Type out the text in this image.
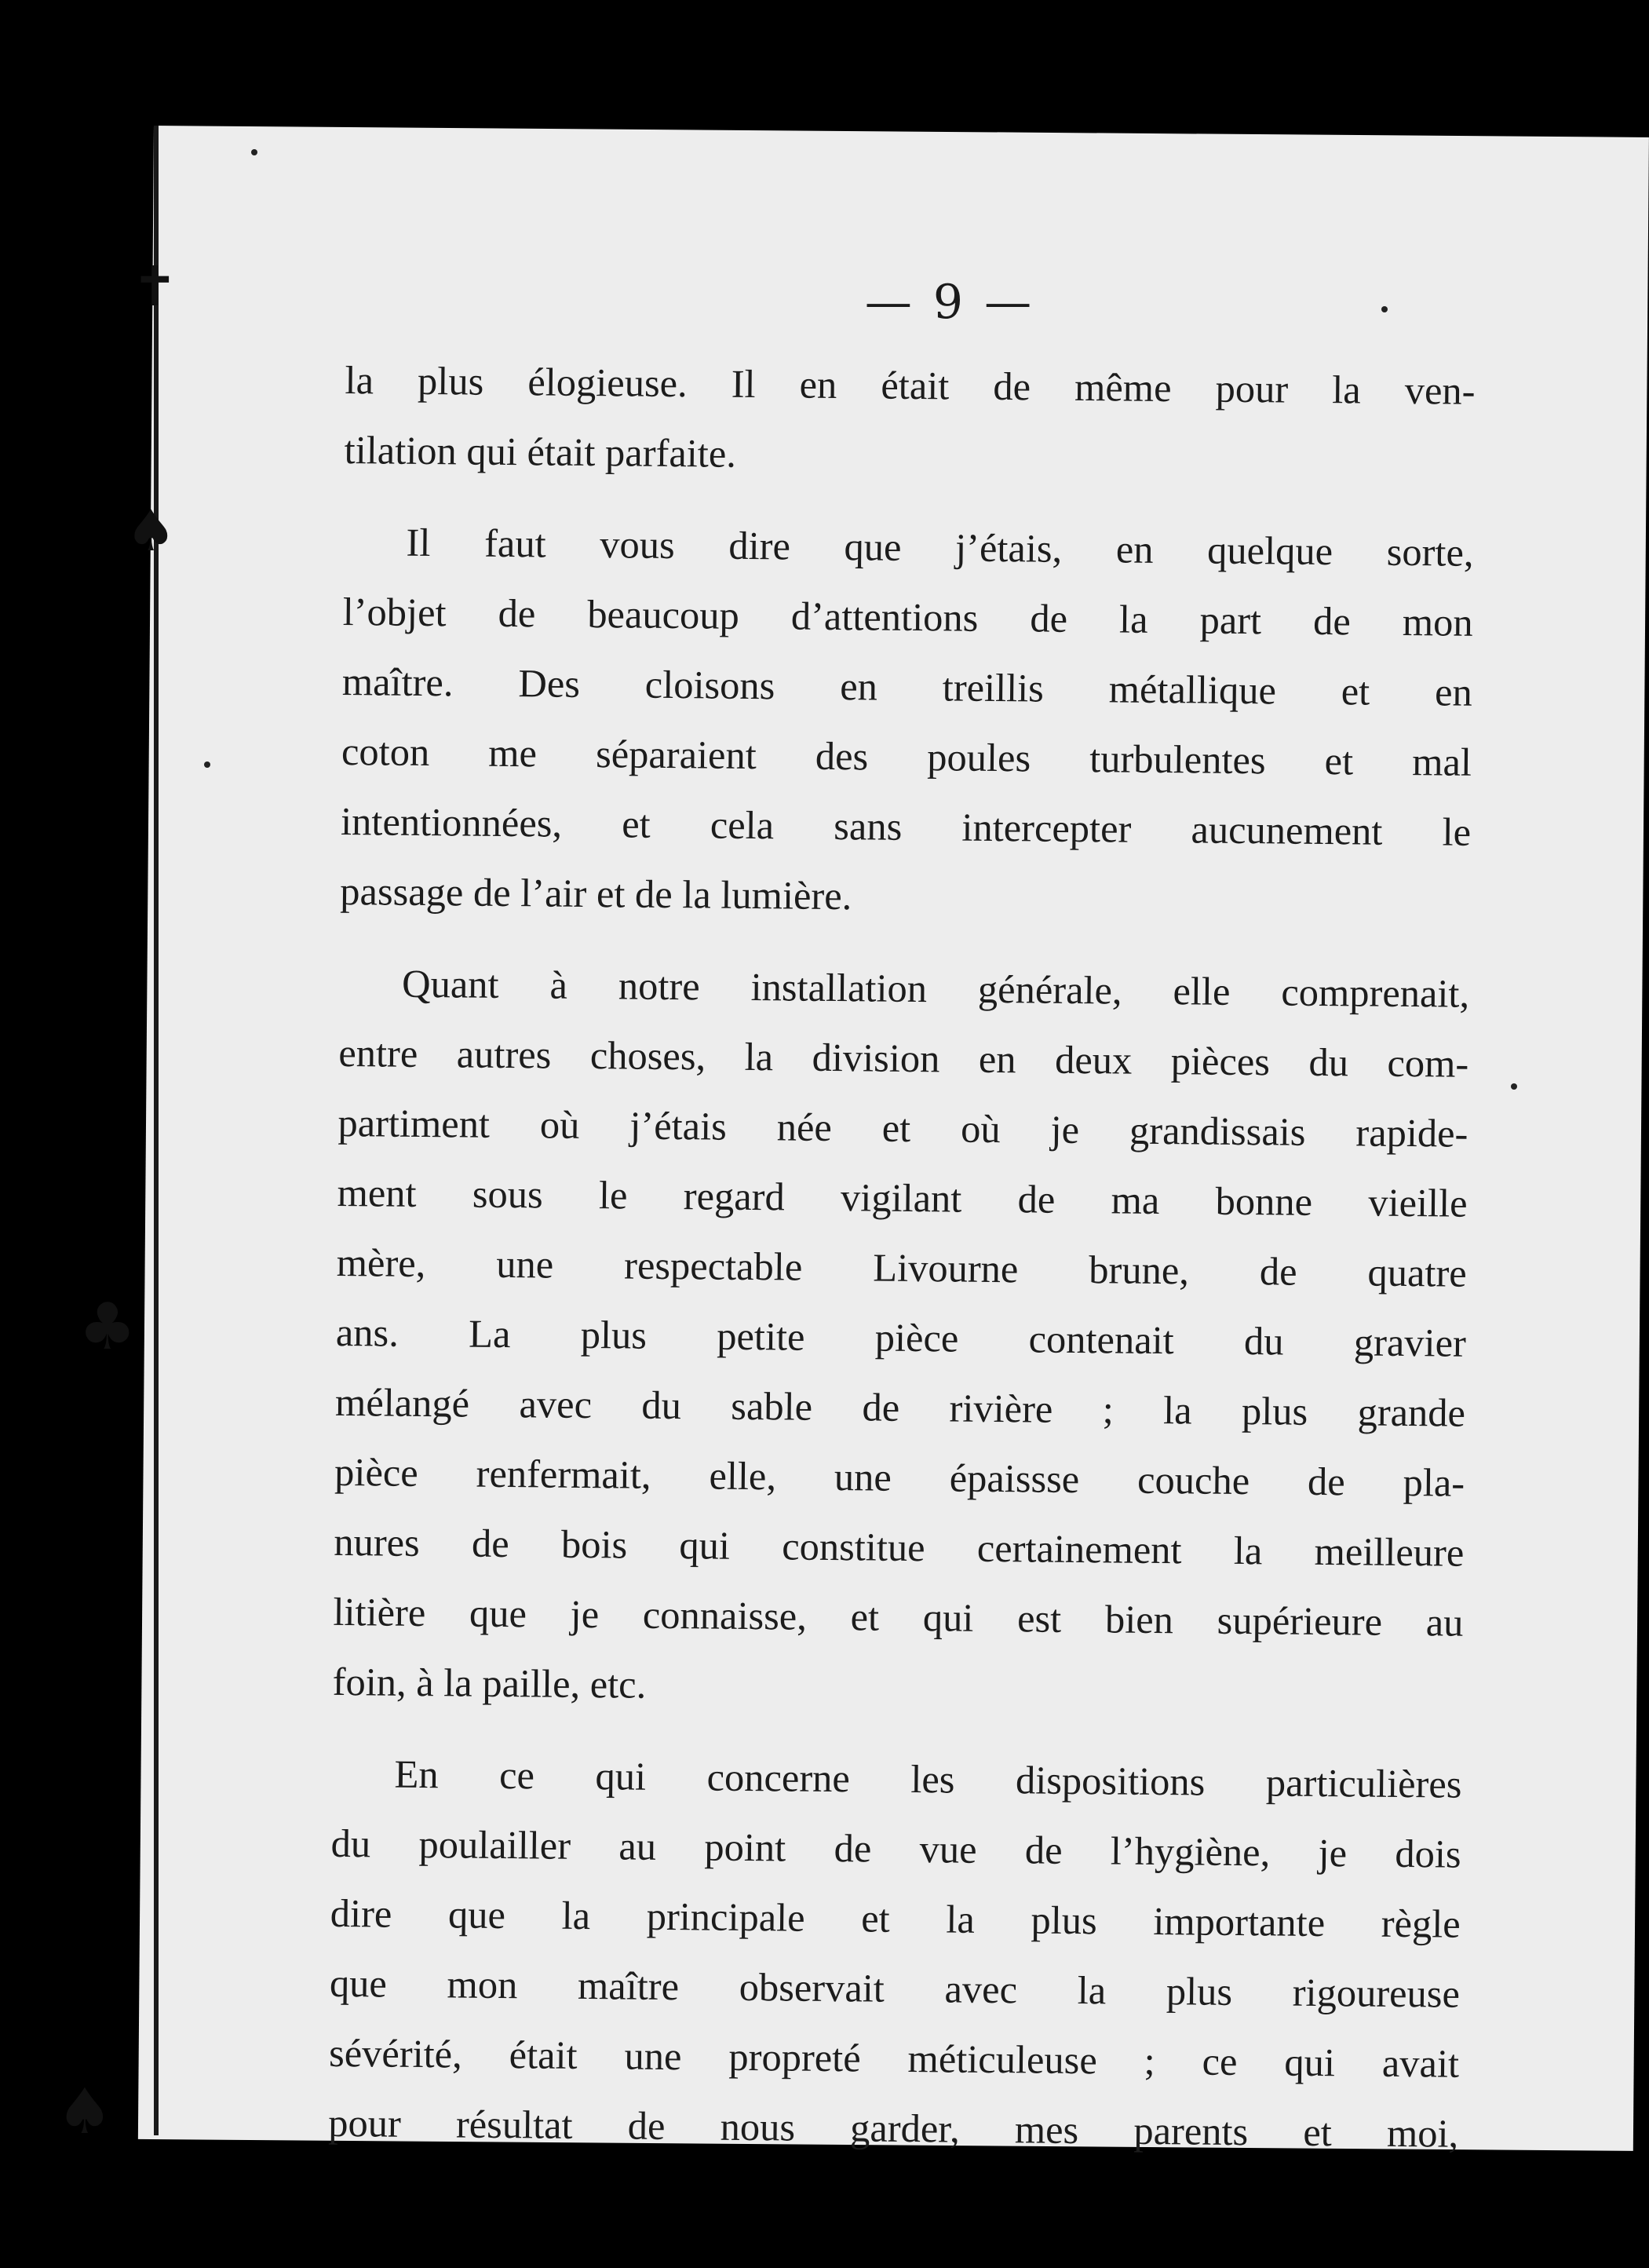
✝
♠
♣
♠
— 9 —
la plus élogieuse. Il en était de même pour la ven-
tilation qui était parfaite.
Il faut vous dire que j’étais, en quelque sorte,
l’objet de beaucoup d’attentions de la part de mon
maître. Des cloisons en treillis métallique et en
coton me séparaient des poules turbulentes et mal
intentionnées, et cela sans intercepter aucunement le
passage de l’air et de la lumière.
Quant à notre installation générale, elle comprenait,
entre autres choses, la division en deux pièces du com-
partiment où j’étais née et où je grandissais rapide-
ment sous le regard vigilant de ma bonne vieille
mère, une respectable Livourne brune, de quatre
ans. La plus petite pièce contenait du gravier
mélangé avec du sable de rivière ; la plus grande
pièce renfermait, elle, une épaissse couche de pla-
nures de bois qui constitue certainement la meilleure
litière que je connaisse, et qui est bien supérieure au
foin, à la paille, etc.
En ce qui concerne les dispositions particulières
du poulailler au point de vue de l’hygiène, je dois
dire que la principale et la plus importante règle
que mon maître observait avec la plus rigoureuse
sévérité, était une propreté méticuleuse ; ce qui avait
pour résultat de nous garder, mes parents et moi,
